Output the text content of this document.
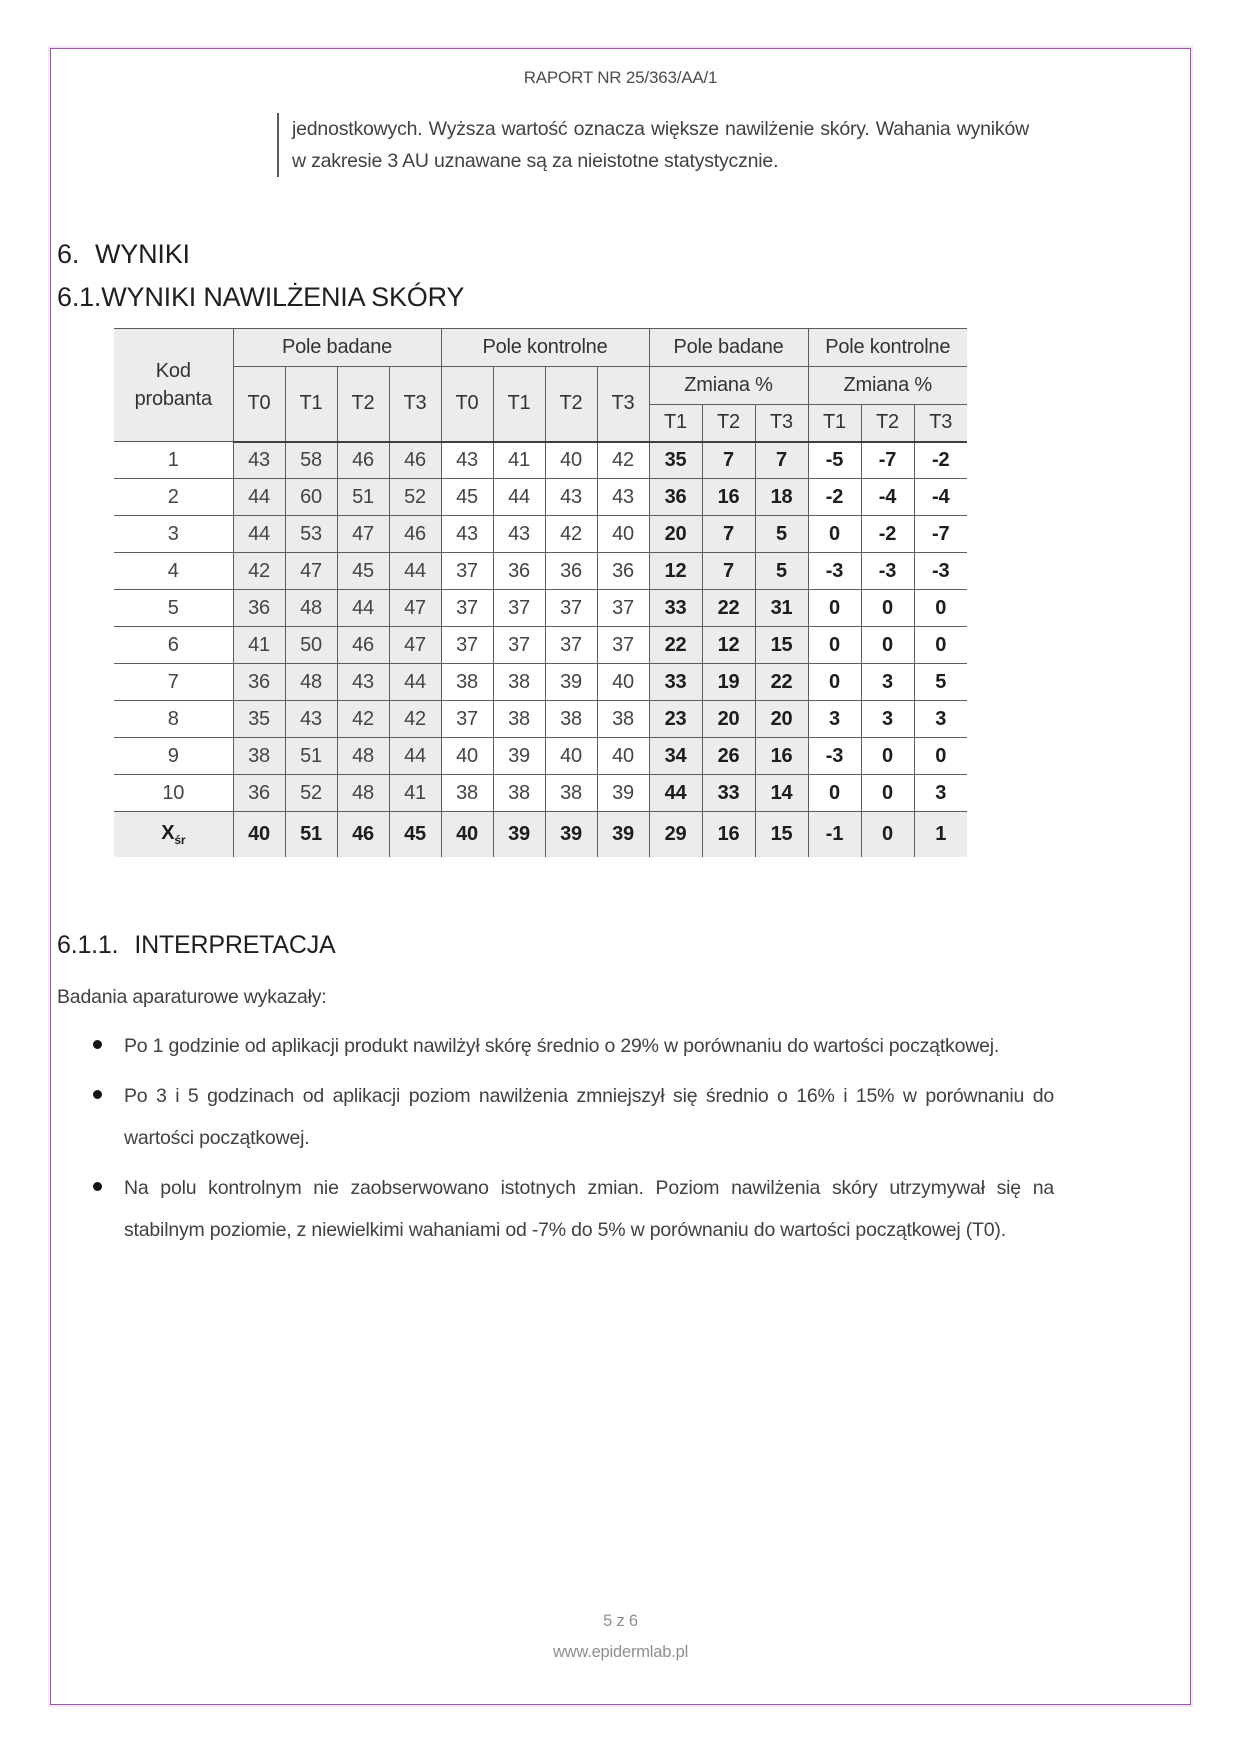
RAPORT NR 25/363/AA/1
jednostkowych. Wyższa wartość oznacza większe nawilżenie skóry. Wahania wyników w zakresie 3 AU uznawane są za nieistotne statystycznie.
6. WYNIKI
6.1.WYNIKI NAWILŻENIA SKÓRY
Kod
probanta	Pole badane				Pole kontrolne				Pole badane			Pole kontrolne		
	T0	T1	T2	T3	T0	T1	T2	T3	Zmiana %			Zmiana %		
									T1	T2	T3	T1	T2	T3
1	43	58	46	46	43	41	40	42	35	7	7	-5	-7	-2
2	44	60	51	52	45	44	43	43	36	16	18	-2	-4	-4
3	44	53	47	46	43	43	42	40	20	7	5	0	-2	-7
4	42	47	45	44	37	36	36	36	12	7	5	-3	-3	-3
5	36	48	44	47	37	37	37	37	33	22	31	0	0	0
6	41	50	46	47	37	37	37	37	22	12	15	0	0	0
7	36	48	43	44	38	38	39	40	33	19	22	0	3	5
8	35	43	42	42	37	38	38	38	23	20	20	3	3	3
9	38	51	48	44	40	39	40	40	34	26	16	-3	0	0
10	36	52	48	41	38	38	38	39	44	33	14	0	0	3
$X_{śr}$	40	51	46	45	40	39	39	39	29	16	15	-1	0	1
6.1.1. INTERPRETACJA
Badania aparaturowe wykazały:
Po 1 godzinie od aplikacji produkt nawilżył skórę średnio o 29% w porównaniu do wartości początkowej.
Po 3 i 5 godzinach od aplikacji poziom nawilżenia zmniejszył się średnio o 16% i 15% w porównaniu do wartości początkowej.
Na polu kontrolnym nie zaobserwowano istotnych zmian. Poziom nawilżenia skóry utrzymywał się na stabilnym poziomie, z niewielkimi wahaniami od -7% do 5% w porównaniu do wartości początkowej (T0).
5 z 6
www.epidermlab.pl
